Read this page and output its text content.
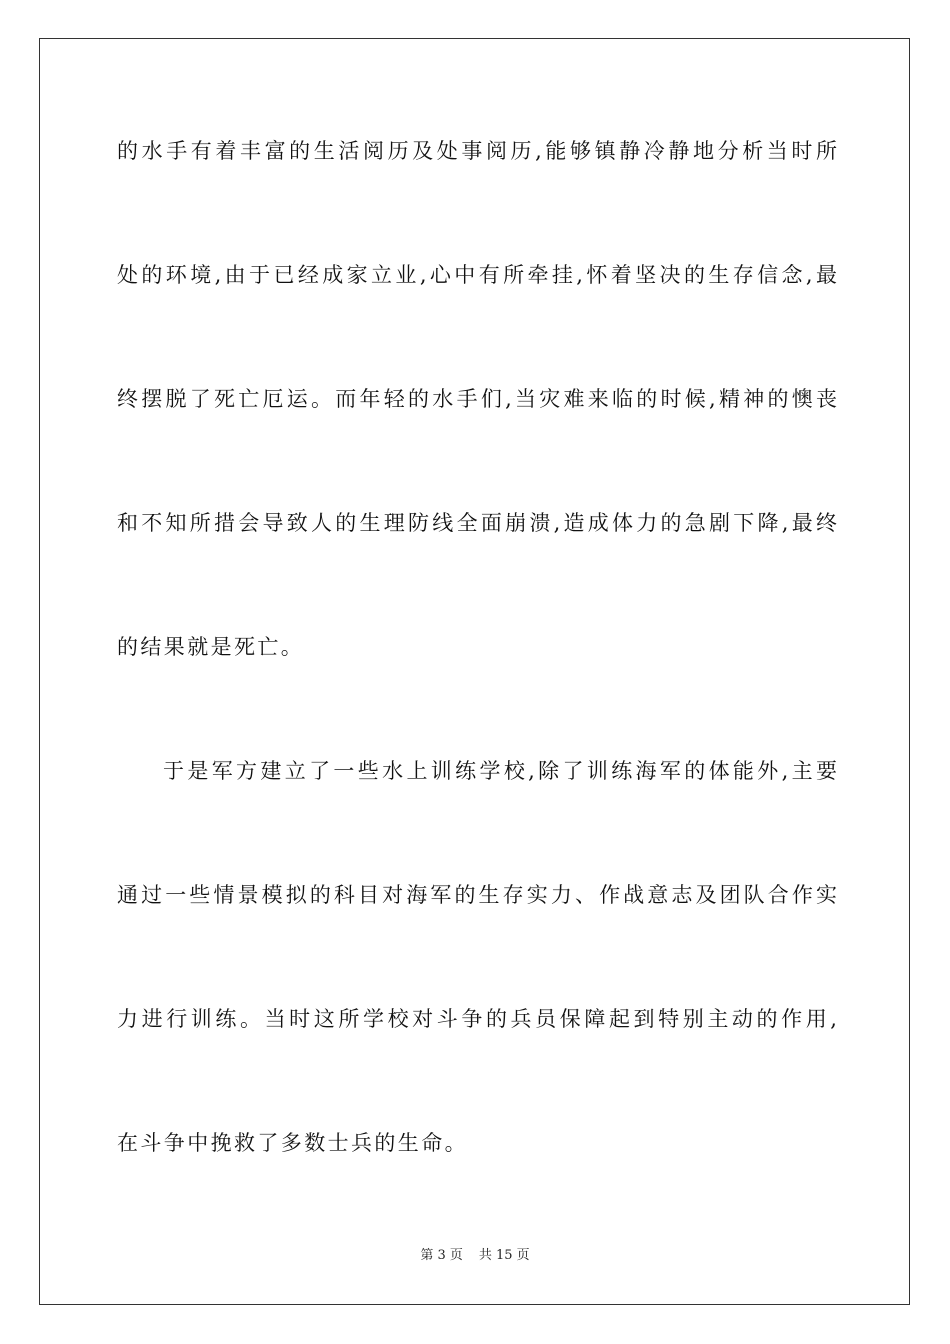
的水手有着丰富的生活阅历及处事阅历,能够镇静冷静地分析当时所
处的环境,由于已经成家立业,心中有所牵挂,怀着坚决的生存信念,最
终摆脱了死亡厄运。而年轻的水手们,当灾难来临的时候,精神的懊丧
和不知所措会导致人的生理防线全面崩溃,造成体力的急剧下降,最终
的结果就是死亡。
于是军方建立了一些水上训练学校,除了训练海军的体能外,主要
通过一些情景模拟的科目对海军的生存实力、作战意志及团队合作实
力进行训练。当时这所学校对斗争的兵员保障起到特别主动的作用,
在斗争中挽救了多数士兵的生命。
第 3 页 共 15 页
